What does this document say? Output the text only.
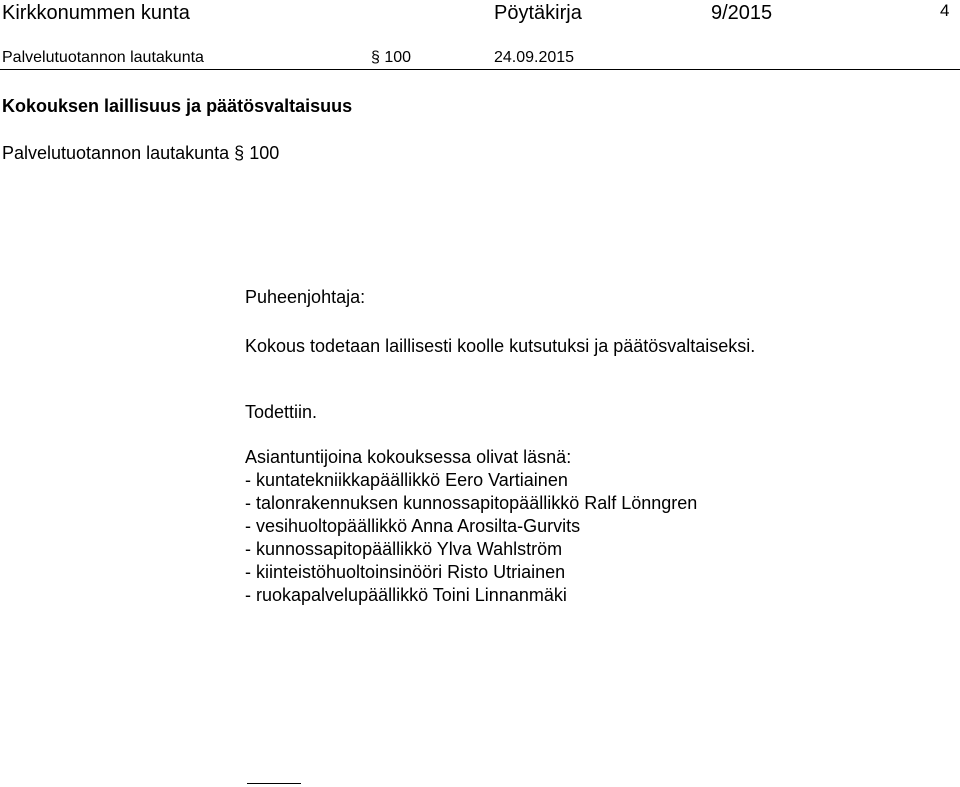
Kirkkonummen kunta	Pöytäkirja	9/2015	4
Palvelutuotannon lautakunta	§ 100	24.09.2015
Kokouksen laillisuus ja päätösvaltaisuus
Palvelutuotannon lautakunta § 100

Puheenjohtaja:

Kokous todetaan laillisesti koolle kutsutuksi ja päätösvaltaiseksi.

Todettiin.

Asiantuntijoina kokouksessa olivat läsnä:

- kuntatekniikkapäällikkö Eero Vartiainen

- talonrakennuksen kunnossapitopäällikkö Ralf Lönngren

- vesihuoltopäällikkö Anna Arosilta-Gurvits

- kunnossapitopäällikkö Ylva Wahlström

- kiinteistöhuoltoinsinööri Risto Utriainen

- ruokapalvelupäällikkö Toini Linnanmäki
